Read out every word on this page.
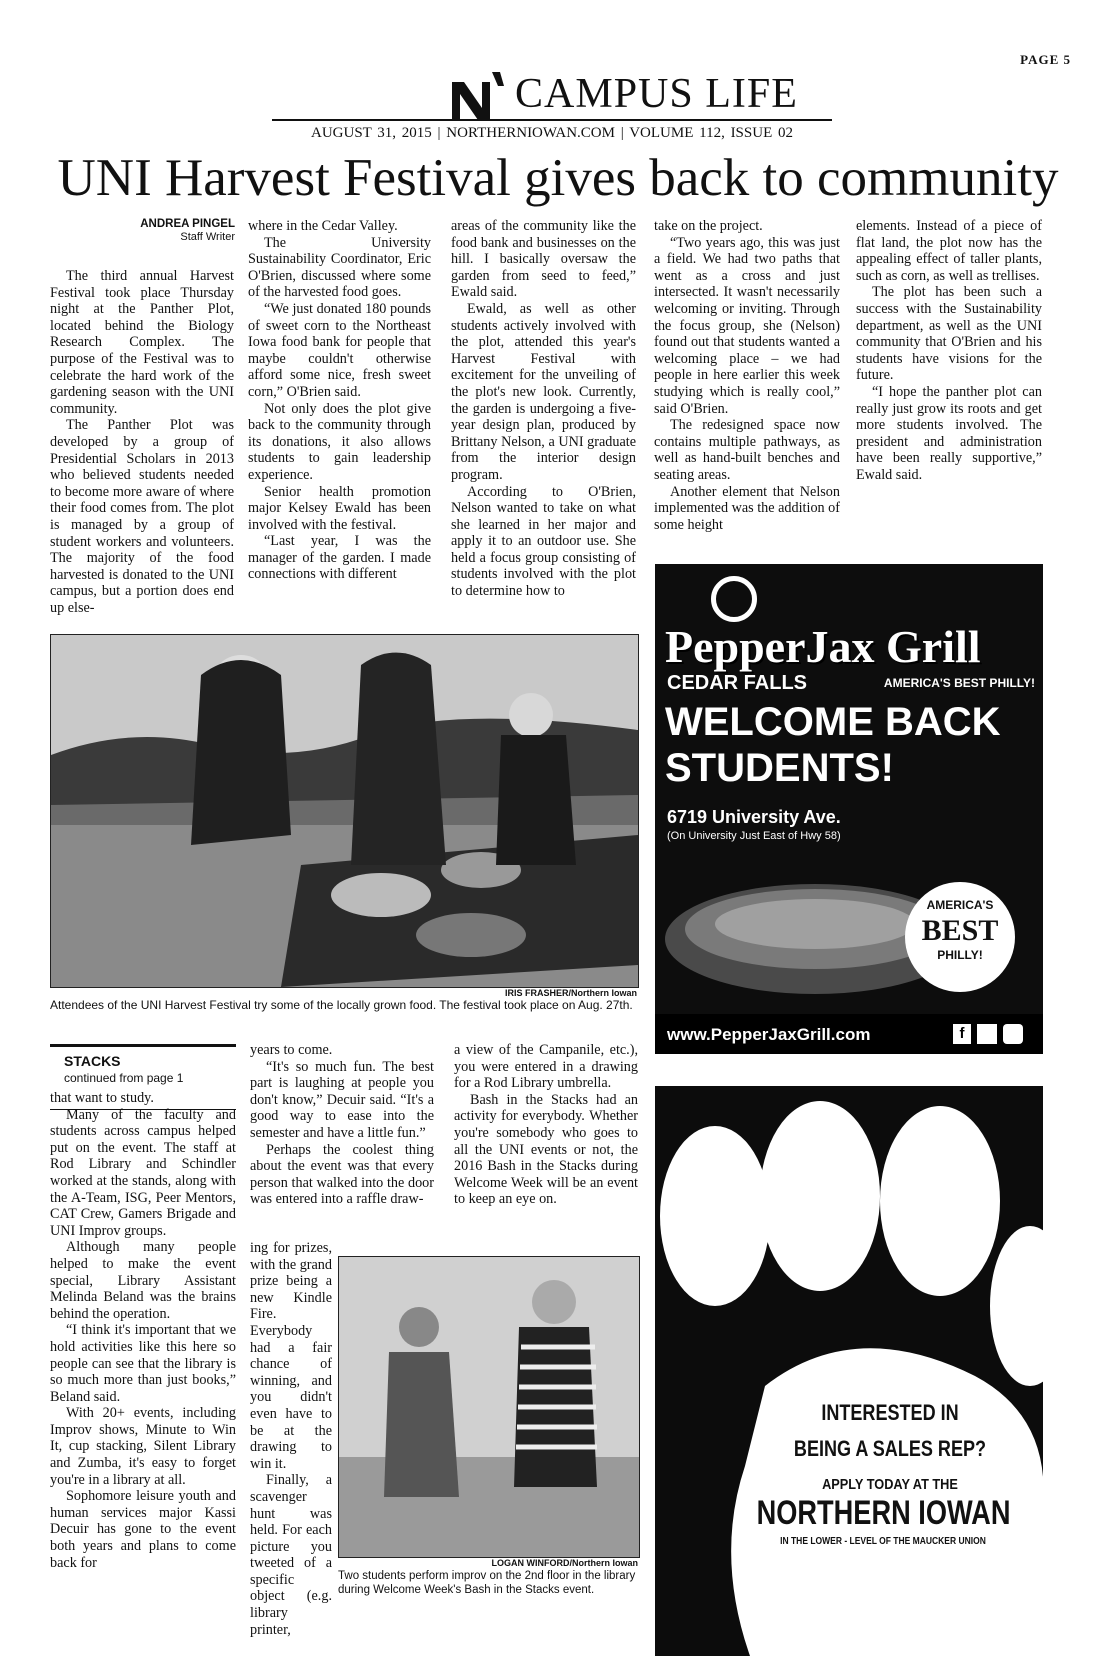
PAGE 5
CAMPUS LIFE
AUGUST 31, 2015 | NORTHERNIOWAN.COM | VOLUME 112, ISSUE 02
UNI Harvest Festival gives back to community
ANDREA PINGEL
Staff Writer

The third annual Harvest Festival took place Thursday night at the Panther Plot, located behind the Biology Research Complex. The purpose of the Festival was to celebrate the hard work of the gardening season with the UNI community.

The Panther Plot was developed by a group of Presidential Scholars in 2013 who believed students needed to become more aware of where their food comes from. The plot is managed by a group of student workers and volunteers. The majority of the food harvested is donated to the UNI campus, but a portion does end up else-

where in the Cedar Valley.

The University Sustainability Coordinator, Eric O'Brien, discussed where some of the harvested food goes.

“We just donated 180 pounds of sweet corn to the Northeast Iowa food bank for people that maybe couldn't otherwise afford some nice, fresh sweet corn,” O'Brien said.

Not only does the plot give back to the community through its donations, it also allows students to gain leadership experience.

Senior health promotion major Kelsey Ewald has been involved with the festival.

“Last year, I was the manager of the garden. I made connections with different

areas of the community like the food bank and businesses on the hill. I basically oversaw the garden from seed to feed,” Ewald said.

Ewald, as well as other students actively involved with the plot, attended this year's Harvest Festival with excitement for the unveiling of the plot's new look. Currently, the garden is undergoing a five-year design plan, produced by Brittany Nelson, a UNI graduate from the interior design program.

According to O'Brien, Nelson wanted to take on what she learned in her major and apply it to an outdoor use. She held a focus group consisting of students involved with the plot to determine how to

take on the project.

“Two years ago, this was just a field. We had two paths that went as a cross and just intersected. It wasn't necessarily welcoming or inviting. Through the focus group, she (Nelson) found out that students wanted a welcoming place – we had people in here earlier this week studying which is really cool,” said O'Brien.

The redesigned space now contains multiple pathways, as well as hand-built benches and seating areas.

Another element that Nelson implemented was the addition of some height

elements. Instead of a piece of flat land, the plot now has the appealing effect of taller plants, such as corn, as well as trellises.

The plot has been such a success with the Sustainability department, as well as the UNI community that O'Brien and his students have visions for the future.

“I hope the panther plot can really just grow its roots and get more students involved. The president and administration have been really supportive,” Ewald said.

IRIS FRASHER/Northern Iowan
Attendees of the UNI Harvest Festival try some of the locally grown food. The festival took place on Aug. 27th.
PepperJax Grill
AMERICA'S BEST PHILLY!
CEDAR FALLS
WELCOME BACK
STUDENTS!
6719 University Ave.
(On University Just East of Hwy 58)
AMERICA'S
BEST
PHILLY!
www.PepperJaxGrill.com	f
STACKS
continued from page 1

that want to study.

Many of the faculty and students across campus helped put on the event. The staff at Rod Library and Schindler worked at the stands, along with the A-Team, ISG, Peer Mentors, CAT Crew, Gamers Brigade and UNI Improv groups.

Although many people helped to make the event special, Library Assistant Melinda Beland was the brains behind the operation.

“I think it's important that we hold activities like this here so people can see that the library is so much more than just books,” Beland said.

With 20+ events, including Improv shows, Minute to Win It, cup stacking, Silent Library and Zumba, it's easy to forget you're in a library at all.

Sophomore leisure youth and human services major Kassi Decuir has gone to the event both years and plans to come back for

years to come.

“It's so much fun. The best part is laughing at people you don't know,” Decuir said. “It's a good way to ease into the semester and have a little fun.”

Perhaps the coolest thing about the event was that every person that walked into the door was entered into a raffle draw-

ing for prizes, with the grand prize being a new Kindle Fire. Everybody had a fair chance of winning, and you didn't even have to be at the drawing to win it.

Finally, a scavenger hunt was held. For each picture you tweeted of a specific object (e.g. library printer,

a view of the Campanile, etc.), you were entered in a drawing for a Rod Library umbrella.

Bash in the Stacks had an activity for everybody. Whether you're somebody who goes to all the UNI events or not, the 2016 Bash in the Stacks during Welcome Week will be an event to keep an eye on.

LOGAN WINFORD/Northern Iowan
Two students perform improv on the 2nd floor in the library during Welcome Week's Bash in the Stacks event.
INTERESTED IN
BEING A SALES REP?
APPLY TODAY AT THE
NORTHERN IOWAN
IN THE LOWER - LEVEL OF THE MAUCKER UNION
